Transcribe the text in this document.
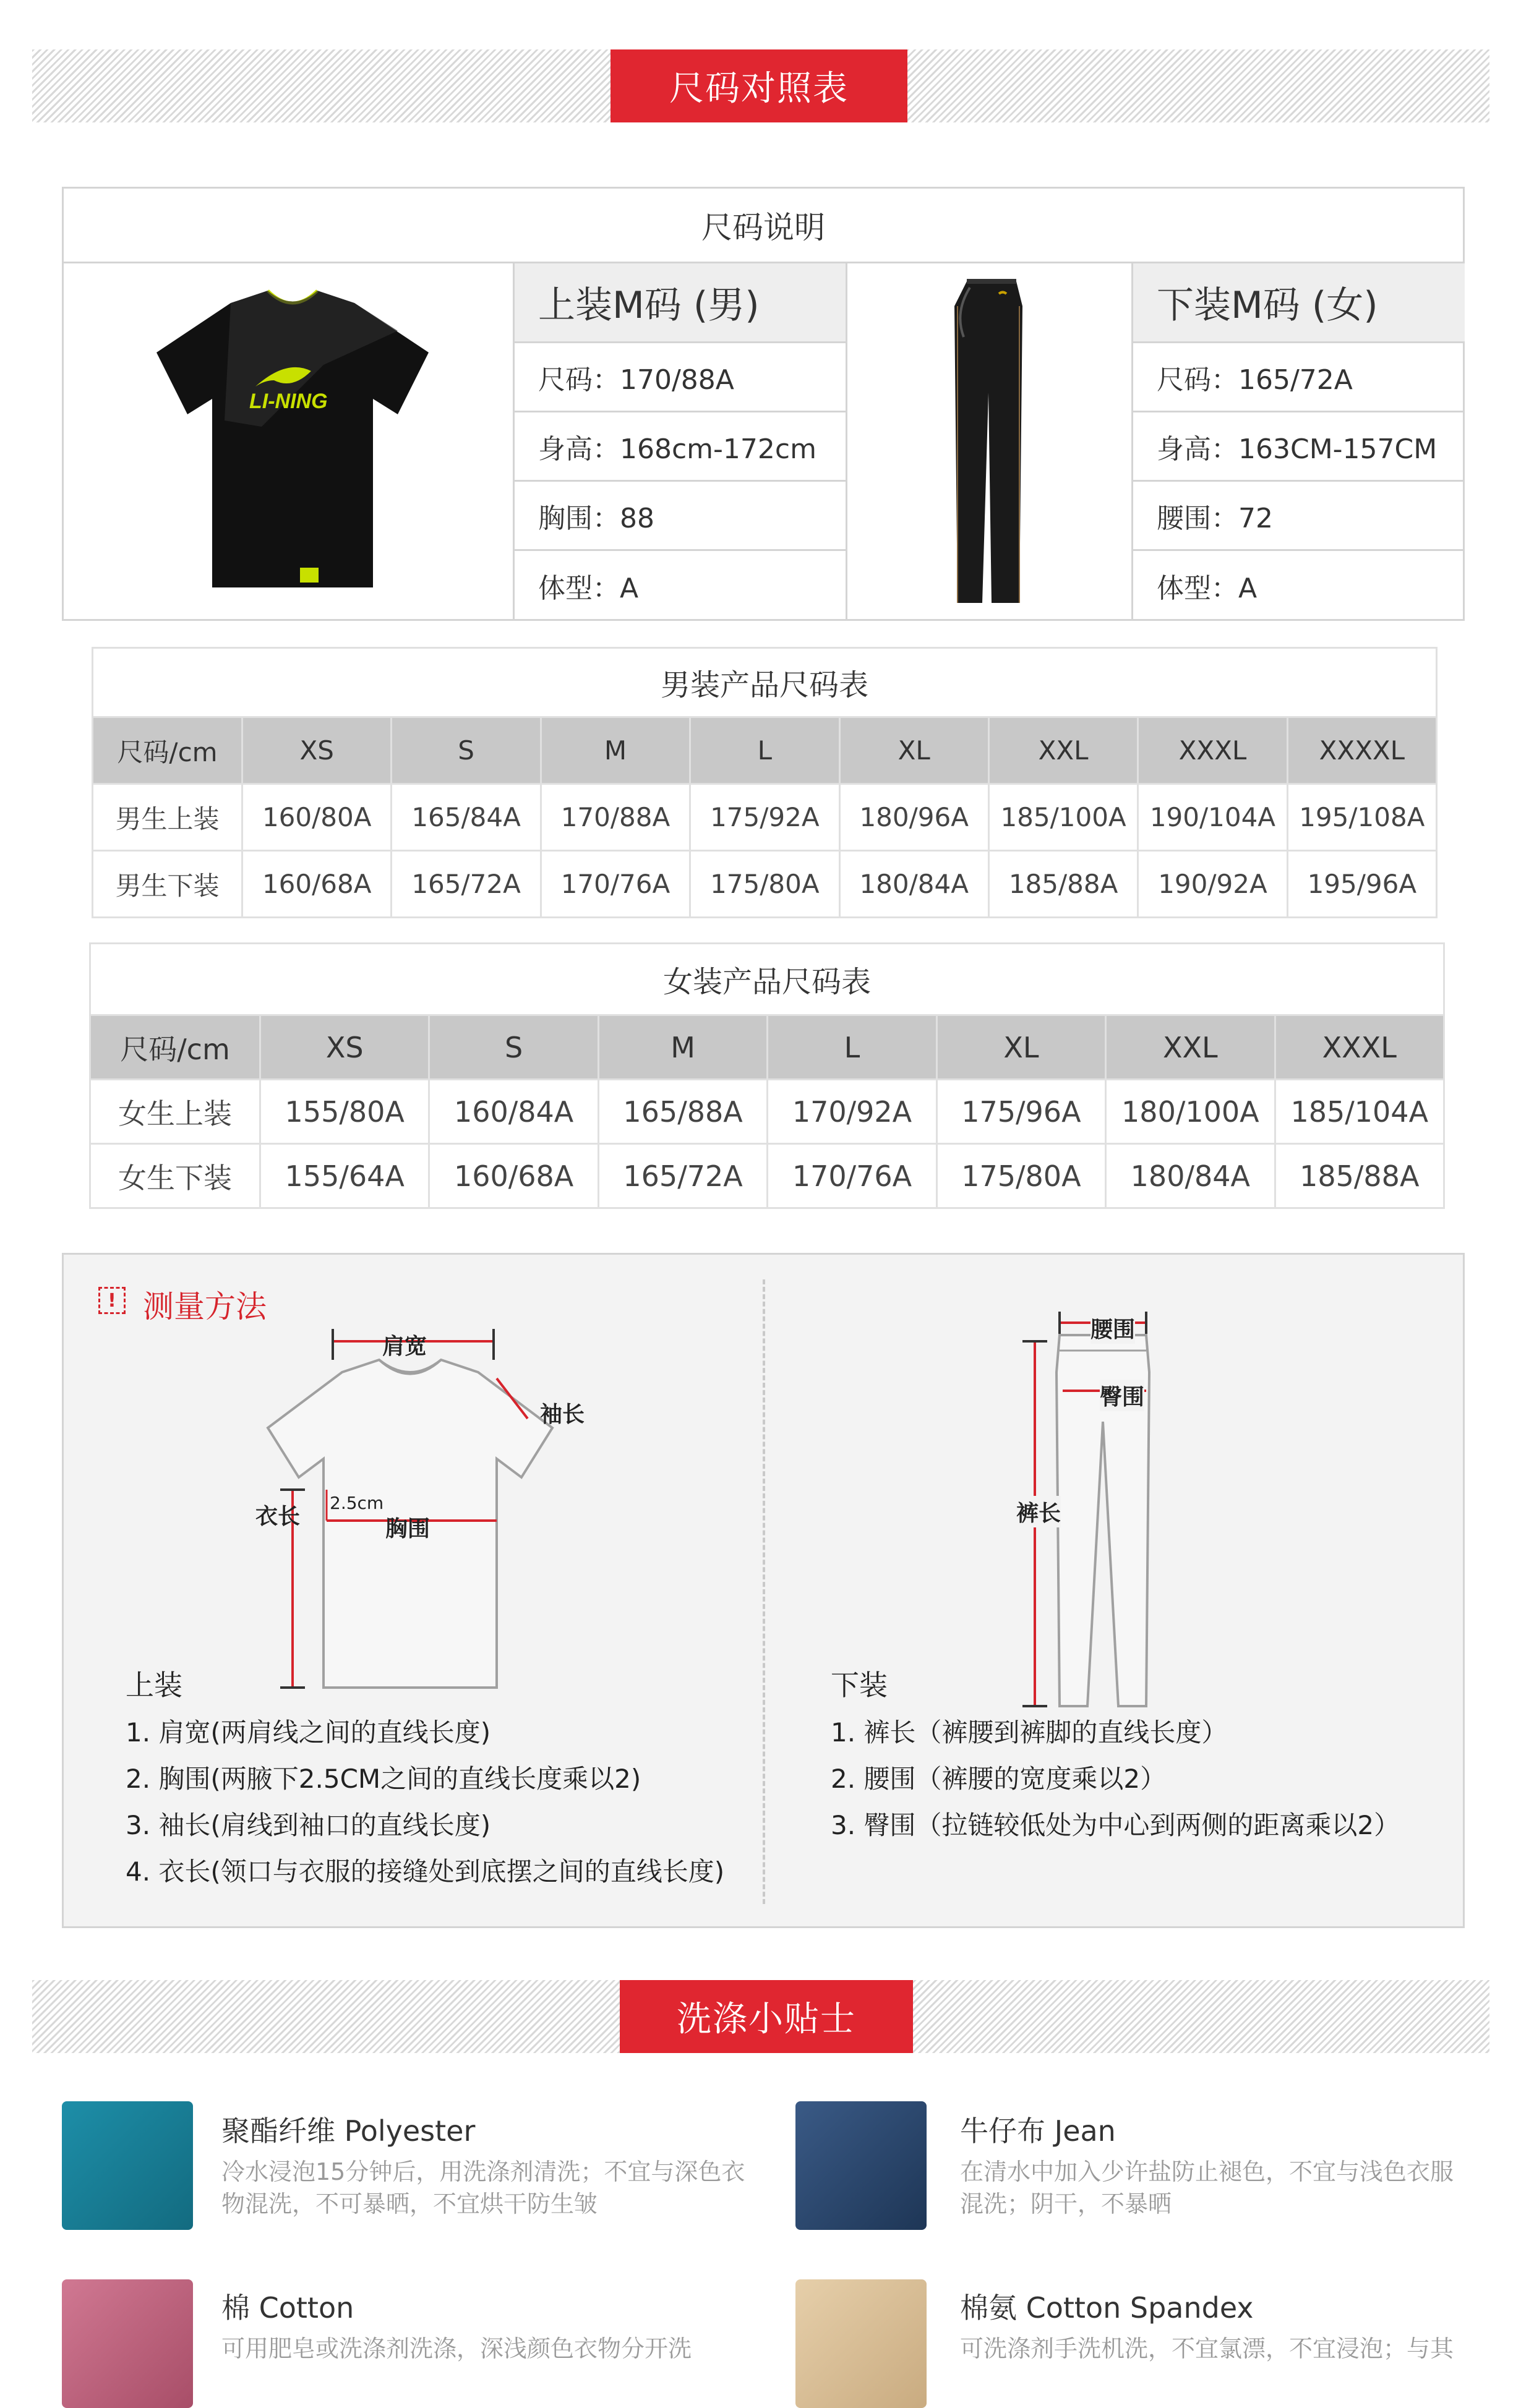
尺码对照表
尺码说明
LI-NING
上装M码 (男)
尺码：170/88A
身高：168cm-172cm
胸围：88
体型：A
下装M码 (女)
尺码：165/72A
身高：163CM-157CM
腰围：72
体型：A
男装产品尺码表								
尺码/cm	XS	S	M	L	XL	XXL	XXXL	XXXXL
男生上装	160/80A	165/84A	170/88A	175/92A	180/96A	185/100A	190/104A	195/108A
男生下装	160/68A	165/72A	170/76A	175/80A	180/84A	185/88A	190/92A	195/96A
女装产品尺码表							
尺码/cm	XS	S	M	L	XL	XXL	XXXL
女生上装	155/80A	160/84A	165/88A	170/92A	175/96A	180/100A	185/104A
女生下装	155/64A	160/68A	165/72A	170/76A	175/80A	180/84A	185/88A
! 测量方法
肩宽
袖长
衣长
2.5cm
胸围
腰围
臀围
裤长
上装
1. 肩宽(两肩线之间的直线长度)
2. 胸围(两腋下2.5CM之间的直线长度乘以2)
3. 袖长(肩线到袖口的直线长度)
4. 衣长(领口与衣服的接缝处到底摆之间的直线长度)
下装
1. 裤长（裤腰到裤脚的直线长度）
2. 腰围（裤腰的宽度乘以2）
3. 臀围（拉链较低处为中心到两侧的距离乘以2）
洗涤小贴士
聚酯纤维 Polyester
冷水浸泡15分钟后，用洗涤剂清洗；不宜与深色衣物混洗，不可暴晒，不宜烘干防生皱
牛仔布 Jean
在清水中加入少许盐防止褪色，不宜与浅色衣服混洗；阴干，不暴晒
棉 Cotton
可用肥皂或洗涤剂洗涤，深浅颜色衣物分开洗
棉氨 Cotton Spandex
可洗涤剂手洗机洗，不宜氯漂，不宜浸泡；与其
